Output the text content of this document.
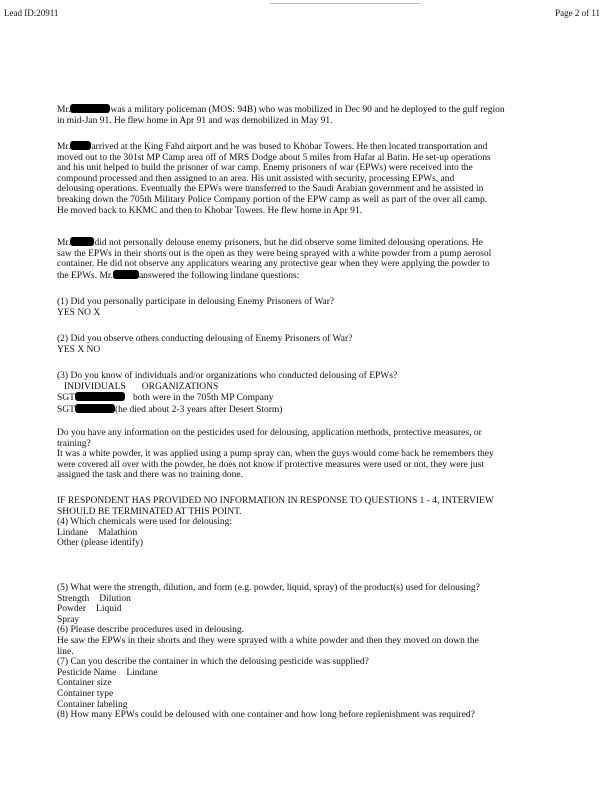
Lead ID:20911	Page 2 of 11

Mr.	was a military policeman (MOS: 94B) who was mobilized in Dec 90 and he deployed to the gulf region

in mid-Jan 91. He flew home in Apr 91 and was demobilized in May 91.

Mr. arrived at the King Fahd airport and he was bused to Khobar Towers. He then located transportation and

moved out to the 301st MP Camp area off of MRS Dodge about 5 miles from Hafar al Batin. He set-up operations

and his unit helped to build the prisoner of war camp. Enemy prisoners of war (EPWs) were received into the

compound processed and then assigned to an area. His unit assisted with security, processing EPWs, and

delousing operations. Eventually the EPWs were transferred to the Saudi Arabian government and he assisted in

breaking down the 705th Military Police Company portion of the EPW camp as well as part of the over all camp.

He moved back to KKMC and then to Khobar Towers. He flew home in Apr 91.

Mr.	did not personally delouse enemy prisoners, but he did observe some limited delousing operations. He

saw the EPWs in their shorts out is the open as they were being sprayed with a white powder from a pump aerosol

container. He did not observe any applicators wearing any protective gear when they were applying the powder to

the EPWs. Mr.	answered the following lindane questions:

(1) Did you personally participate in delousing Enemy Prisoners of War?

YES NO X

(2) Did you observe others conducting delousing of Enemy Prisoners of War?

YES X NO

(3) Do you know of individuals and/or organizations who conducted delousing of EPWs?

INDIVIDUALS ORGANIZATIONS

SGT	both were in the 705th MP Company

SGT	(he died about 2-3 years after Desert Storm)

Do you have any information on the pesticides used for delousing, application methods, protective measures, or

training?

It was a white powder, it was applied using a pump spray can, when the guys would come back he remembers they

were covered all over with the powder, he does not know if protective measures were used or not, they were just

assigned the task and there was no training done.

IF RESPONDENT HAS PROVIDED NO INFORMATION IN RESPONSE TO QUESTIONS 1 - 4, INTERVIEW

SHOULD BE TERMINATED AT THIS POINT.

(4) Which chemicals were used for delousing:

Lindane Malathion

Other (please identify)

(5) What were the strength, dilution, and form (e.g. powder, liquid, spray) of the product(s) used for delousing?

Strength Dilution

Powder Liquid

Spray

(6) Please describe procedures used in delousing.

He saw the EPWs in their shorts and they were sprayed with a white powder and then they moved on down the

line.

(7) Can you describe the container in which the delousing pesticide was supplied?

Pesticide Name Lindane

Container size

Container type

Container labeling

(8) How many EPWs could be deloused with one container and how long before replenishment was required?
